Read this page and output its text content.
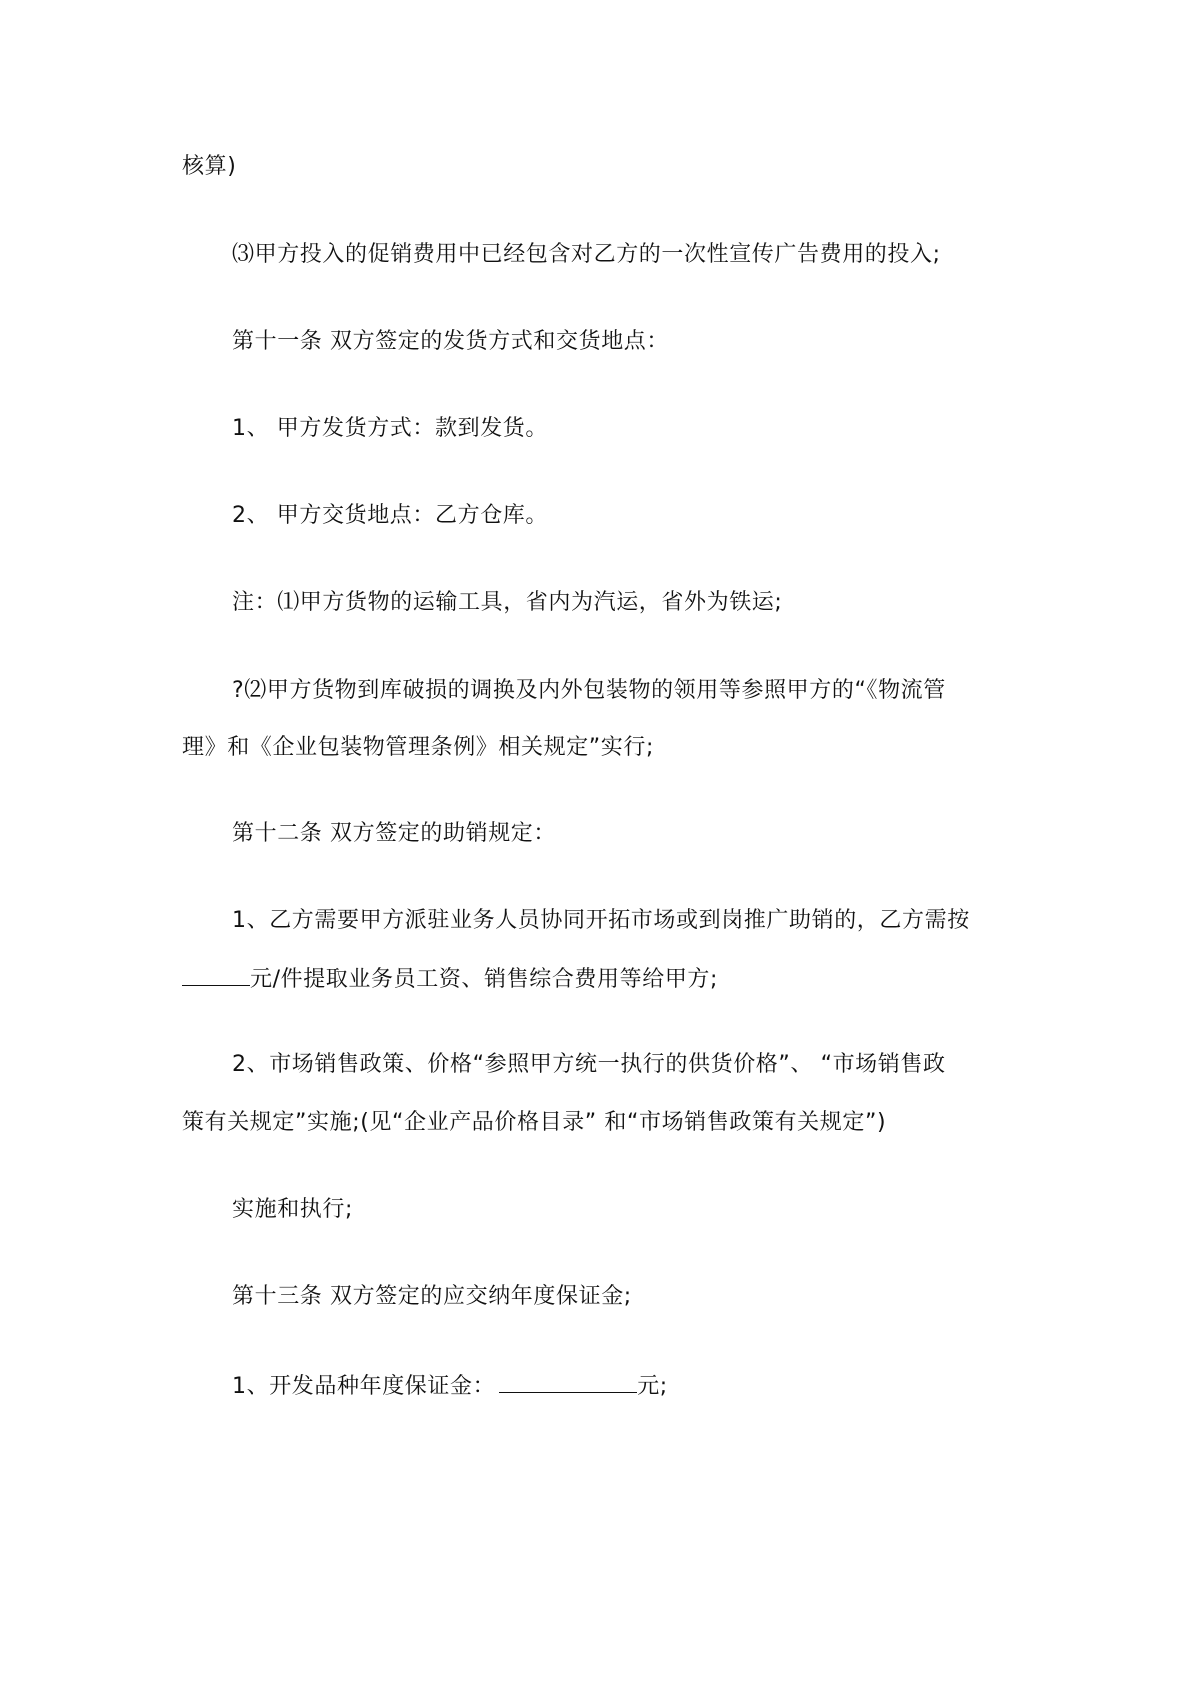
核算)
⑶甲方投入的促销费用中已经包含对乙方的一次性宣传广告费用的投入;
第十一条 双方签定的发货方式和交货地点：
1、 甲方发货方式：款到发货。
2、 甲方交货地点：乙方仓库。
注：⑴甲方货物的运输工具，省内为汽运，省外为铁运;
?⑵甲方货物到库破损的调换及内外包装物的领用等参照甲方的“《物流管
理》和《企业包装物管理条例》相关规定”实行;
第十二条 双方签定的助销规定：
1、乙方需要甲方派驻业务人员协同开拓市场或到岗推广助销的，乙方需按
元/件提取业务员工资、销售综合费用等给甲方;
2、市场销售政策、价格“参照甲方统一执行的供货价格”、 “市场销售政
策有关规定”实施;(见“企业产品价格目录” 和“市场销售政策有关规定”)
实施和执行;
第十三条 双方签定的应交纳年度保证金;
1、开发品种年度保证金：	元;
